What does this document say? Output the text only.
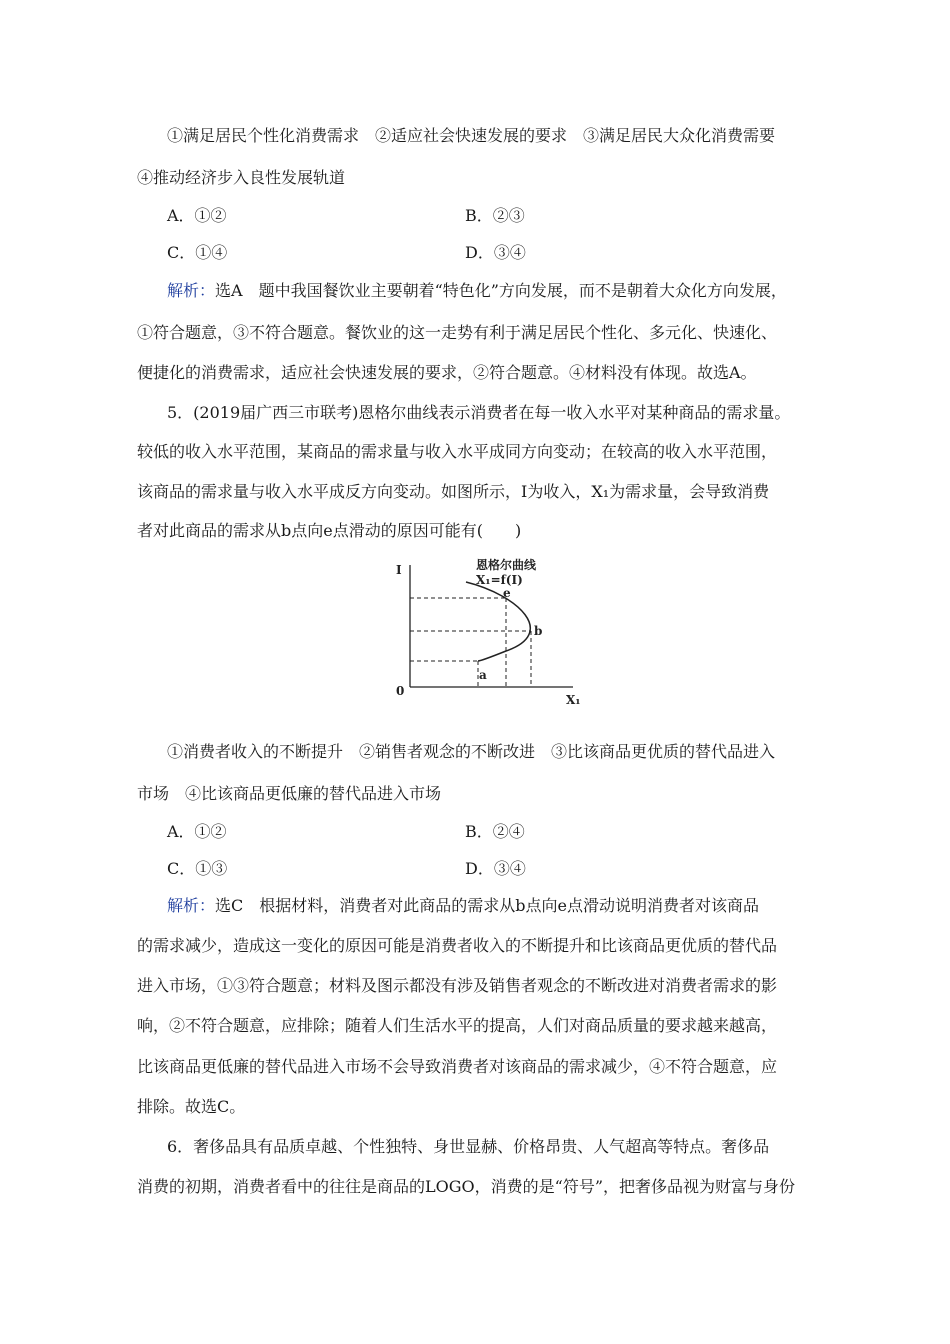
①满足居民个性化消费需求　②适应社会快速发展的要求　③满足居民大众化消费需要
④推动经济步入良性发展轨道
A．①②	B．②③
C．①④	D．③④
解析：选A　题中我国餐饮业主要朝着“特色化”方向发展，而不是朝着大众化方向发展，
①符合题意，③不符合题意。餐饮业的这一走势有利于满足居民个性化、多元化、快速化、
便捷化的消费需求，适应社会快速发展的要求，②符合题意。④材料没有体现。故选A。
5．(2019届广西三市联考)恩格尔曲线表示消费者在每一收入水平对某种商品的需求量。
较低的收入水平范围，某商品的需求量与收入水平成同方向变动；在较高的收入水平范围，
该商品的需求量与收入水平成反方向变动。如图所示，I为收入，X₁为需求量，会导致消费
者对此商品的需求从b点向e点滑动的原因可能有(　　)
恩格尔曲线
X₁=f(I)
I
X₁
0
e
b
a
①消费者收入的不断提升　②销售者观念的不断改进　③比该商品更优质的替代品进入
市场　④比该商品更低廉的替代品进入市场
A．①②	B．②④
C．①③	D．③④
解析：选C　根据材料，消费者对此商品的需求从b点向e点滑动说明消费者对该商品
的需求减少，造成这一变化的原因可能是消费者收入的不断提升和比该商品更优质的替代品
进入市场，①③符合题意；材料及图示都没有涉及销售者观念的不断改进对消费者需求的影
响，②不符合题意，应排除；随着人们生活水平的提高，人们对商品质量的要求越来越高，
比该商品更低廉的替代品进入市场不会导致消费者对该商品的需求减少，④不符合题意，应
排除。故选C。
6．奢侈品具有品质卓越、个性独特、身世显赫、价格昂贵、人气超高等特点。奢侈品
消费的初期，消费者看中的往往是商品的LOGO，消费的是“符号”，把奢侈品视为财富与身份
